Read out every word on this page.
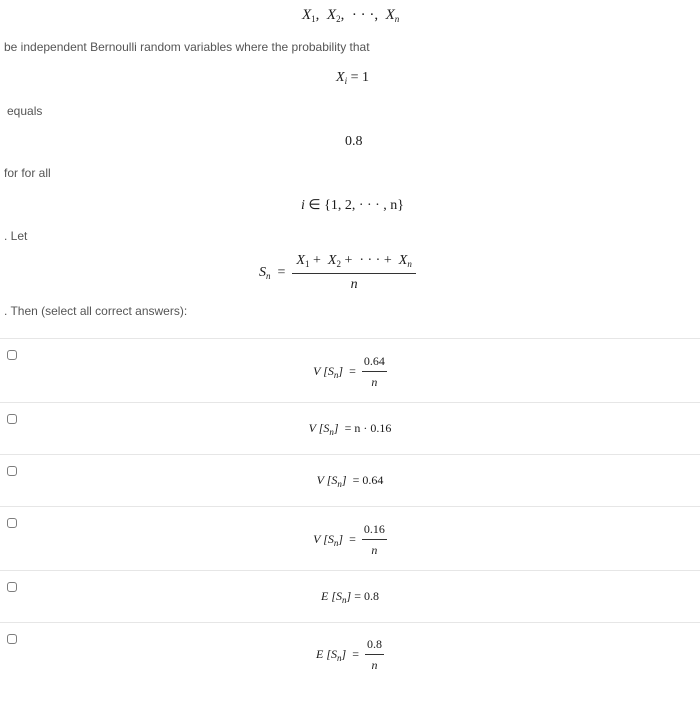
$X_1$, $X_2$, · · ·, $X_n$
be independent Bernoulli random variables where the probability that
$X_i = 1$
equals
0.8
for for all
i ∈ {1, 2, · · · , n}
. Let
$S_n = \frac{X_1 + X_2 + \cdot \cdot \cdot + X_n}{n}$
. Then (select all correct answers):
V $[S_n] = \frac{0.64}{n}$
V $[S_n] = n \cdot 0.16$
V $[S_n] = 0.64$
V $[S_n] = \frac{0.16}{n}$
E $[S_n] = 0.8$
E $[S_n] = \frac{0.8}{n}$
